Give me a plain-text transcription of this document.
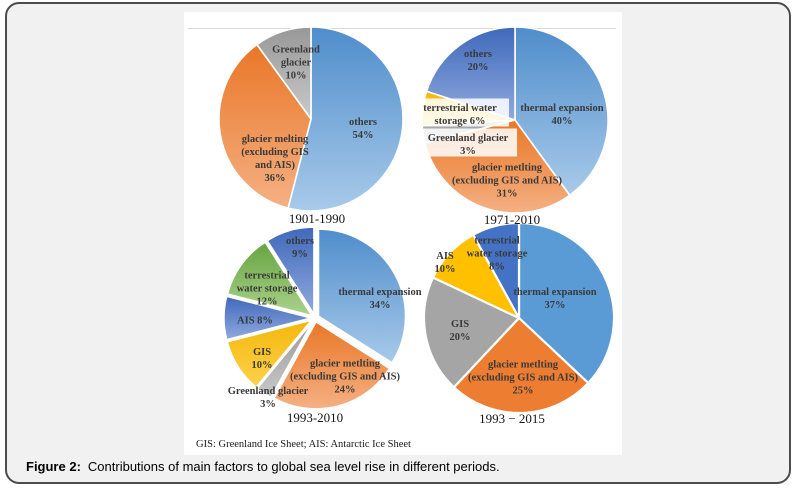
others 54%
glacier melting (excluding GIS and AIS) 36%
Greenland glacier 10%
thermal expansion 40%
glacier metlting (excluding GIS and AIS) 31%
Greenland glacier 3%
terrestrial water storage 6%
others 20%
thermal expansion 34%
glacier metlting (excluding GIS and AIS) 24%
Greenland glacier 3%
GIS 10%
AIS 8%
terrestrial water storage 12%
others 9%
thermal expansion 37%
glacier metlting (excluding GIS and AIS) 25%
GIS 20%
AIS 10%
terrestrial water storage 8%
1901-1990	1971-2010
1993-2010	1993 − 2015
GIS: Greenland Ice Sheet; AIS: Antarctic Ice Sheet
Figure 2: Contributions of main factors to global sea level rise in different periods.
